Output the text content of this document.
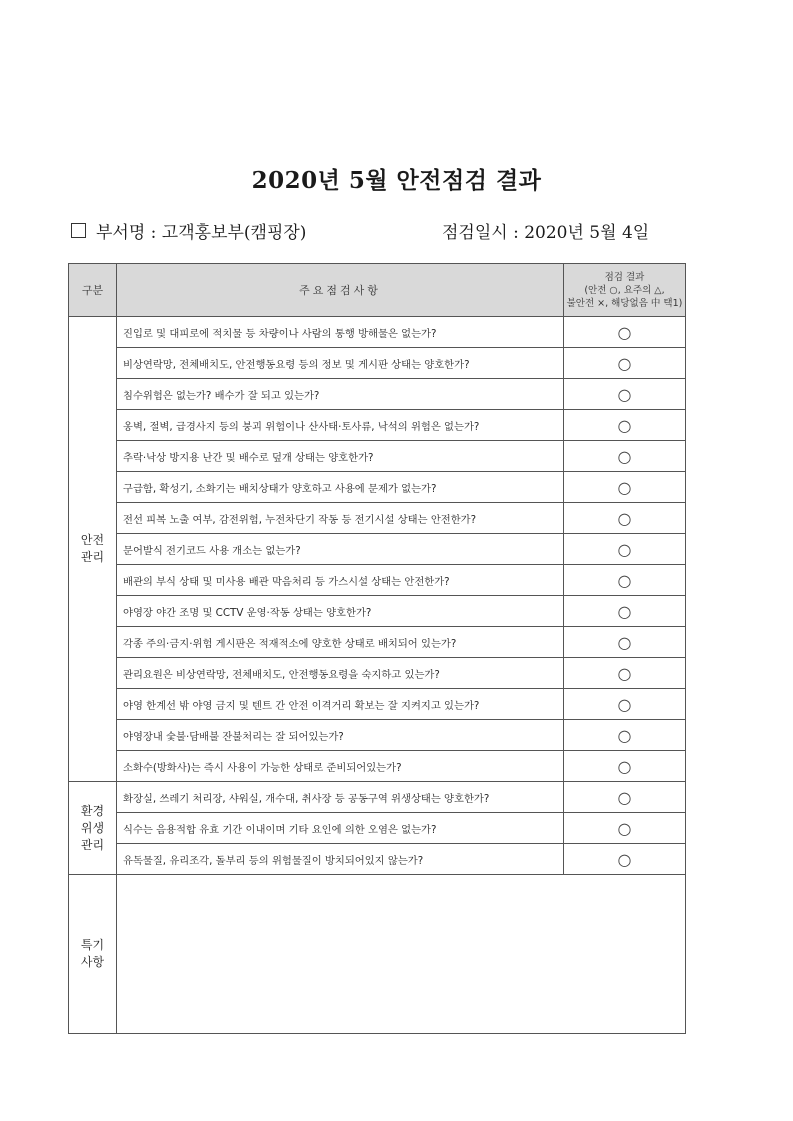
2020년 5월 안전점검 결과
부서명 : 고객홍보부(캠핑장)	점검일시 : 2020년 5월 4일
구분	주요점검사항	점검 결과
(안전 ○, 요주의 △,
불안전 ×, 해당없음 中 택1)

안전
관리	진입로 및 대피로에 적치물 등 차량이나 사람의 통행 방해물은 없는가?	○
	비상연락망, 전체배치도, 안전행동요령 등의 정보 및 게시판 상태는 양호한가?	○
	침수위험은 없는가? 배수가 잘 되고 있는가?	○
	옹벽, 절벽, 급경사지 등의 붕괴 위험이나 산사태·토사류, 낙석의 위험은 없는가?	○
	추락·낙상 방지용 난간 및 배수로 덮개 상태는 양호한가?	○
	구급함, 확성기, 소화기는 배치상태가 양호하고 사용에 문제가 없는가?	○
	전선 피복 노출 여부, 감전위험, 누전차단기 작동 등 전기시설 상태는 안전한가?	○
	문어발식 전기코드 사용 개소는 없는가?	○
	배관의 부식 상태 및 미사용 배관 막음처리 등 가스시설 상태는 안전한가?	○
	야영장 야간 조명 및 CCTV 운영·작동 상태는 양호한가?	○
	각종 주의·금지·위험 게시판은 적재적소에 양호한 상태로 배치되어 있는가?	○
	관리요원은 비상연락망, 전체배치도, 안전행동요령을 숙지하고 있는가?	○
	야영 한계선 밖 야영 금지 및 텐트 간 안전 이격거리 확보는 잘 지켜지고 있는가?	○
	야영장내 숯불·담배불 잔불처리는 잘 되어있는가?	○
	소화수(방화사)는 즉시 사용이 가능한 상태로 준비되어있는가?	○
환경
위생
관리	화장실, 쓰레기 처리장, 샤워실, 개수대, 취사장 등 공동구역 위생상태는 양호한가?	○
	식수는 음용적합 유효 기간 이내이며 기타 요인에 의한 오염은 없는가?	○
	유독물질, 유리조각, 돌부리 등의 위험물질이 방치되어있지 않는가?	○
특기
사항		
